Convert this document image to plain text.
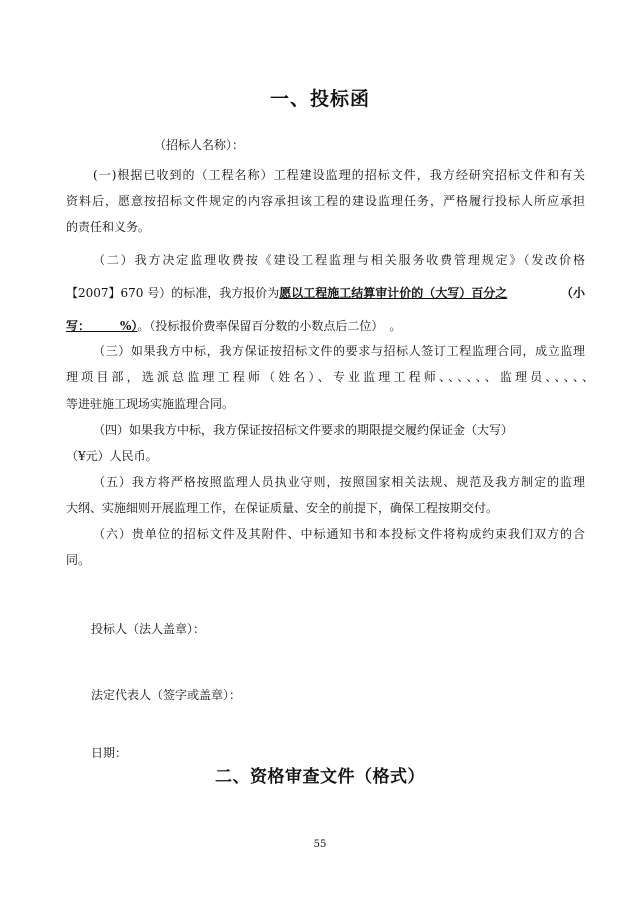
一、投标函
（招标人名称）：
(一)根据已收到的（工程名称）工程建设监理的招标文件，我方经研究招标文件和有关
资料后，愿意按招标文件规定的内容承担该工程的建设监理任务，严格履行投标人所应承担
的责任和义务。
（二）我方决定监理收费按《建设工程监理与相关服务收费管理规定》（发改价格
【2007】670 号）的标准，我方报价为愿以工程施工结算审计价的（大写）百分之	（小
写：　　　%）。（投标报价费率保留百分数的小数点后二位）　。
（三）如果我方中标，我方保证按招标文件的要求与招标人签订工程监理合同，成立监理
理项目部，选派总监理工程师（姓名）、专业监理工程师、、、、、、监理员、、、、、
等进驻施工现场实施监理合同。
（四）如果我方中标，我方保证按招标文件要求的期限提交履约保证金（大写）
（¥元）人民币。
（五）我方将严格按照监理人员执业守则，按照国家相关法规、规范及我方制定的监理
大纲、实施细则开展监理工作，在保证质量、安全的前提下，确保工程按期交付。
（六）贵单位的招标文件及其附件、中标通知书和本投标文件将构成约束我们双方的合
同。
投标人（法人盖章）：
法定代表人（签字或盖章）：
日期：
二、资格审查文件（格式）
55
